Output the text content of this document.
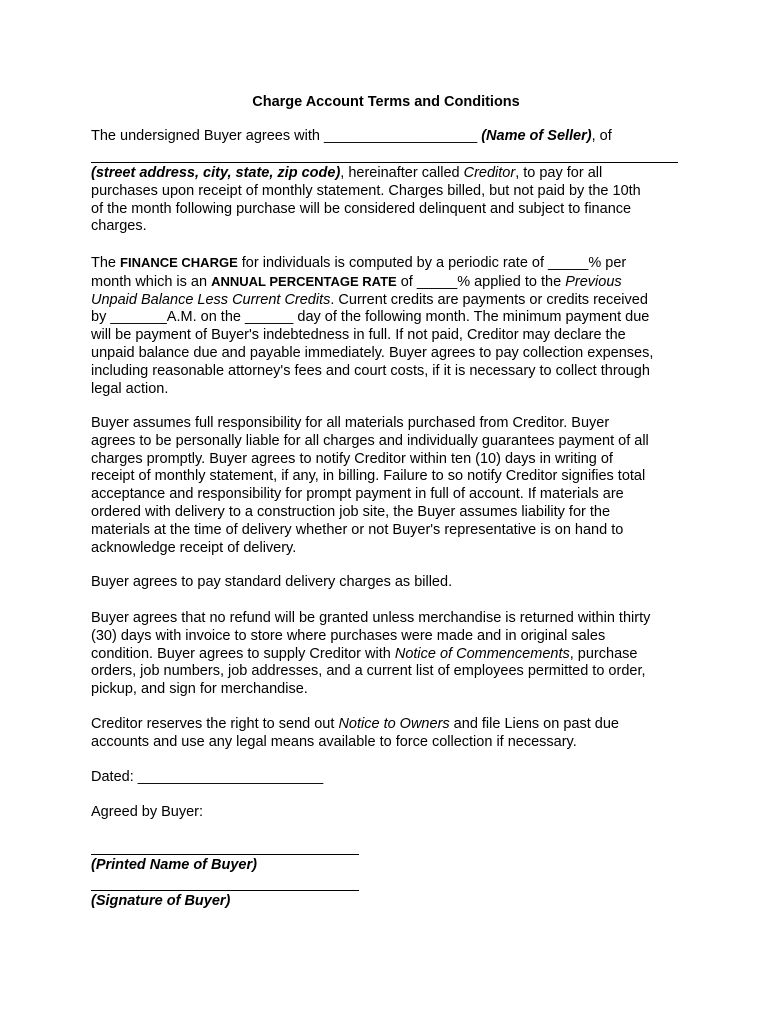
Charge Account Terms and Conditions

The undersigned Buyer agrees with ___________________ (Name of Seller), of

(street address, city, state, zip code), hereinafter called Creditor, to pay for all
purchases upon receipt of monthly statement. Charges billed, but not paid by the 10th
of the month following purchase will be considered delinquent and subject to finance
charges.

The FINANCE CHARGE for individuals is computed by a periodic rate of _____% per
month which is an ANNUAL PERCENTAGE RATE of _____% applied to the Previous
Unpaid Balance Less Current Credits. Current credits are payments or credits received
by _______A.M. on the ______ day of the following month. The minimum payment due
will be payment of Buyer's indebtedness in full. If not paid, Creditor may declare the
unpaid balance due and payable immediately. Buyer agrees to pay collection expenses,
including reasonable attorney's fees and court costs, if it is necessary to collect through
legal action.

Buyer assumes full responsibility for all materials purchased from Creditor. Buyer
agrees to be personally liable for all charges and individually guarantees payment of all
charges promptly. Buyer agrees to notify Creditor within ten (10) days in writing of
receipt of monthly statement, if any, in billing. Failure to so notify Creditor signifies total
acceptance and responsibility for prompt payment in full of account. If materials are
ordered with delivery to a construction job site, the Buyer assumes liability for the
materials at the time of delivery whether or not Buyer's representative is on hand to
acknowledge receipt of delivery.

Buyer agrees to pay standard delivery charges as billed.

Buyer agrees that no refund will be granted unless merchandise is returned within thirty
(30) days with invoice to store where purchases were made and in original sales
condition. Buyer agrees to supply Creditor with Notice of Commencements, purchase
orders, job numbers, job addresses, and a current list of employees permitted to order,
pickup, and sign for merchandise.

Creditor reserves the right to send out Notice to Owners and file Liens on past due
accounts and use any legal means available to force collection if necessary.

Dated: _______________________
Agreed by Buyer:
(Printed Name of Buyer)
(Signature of Buyer)
